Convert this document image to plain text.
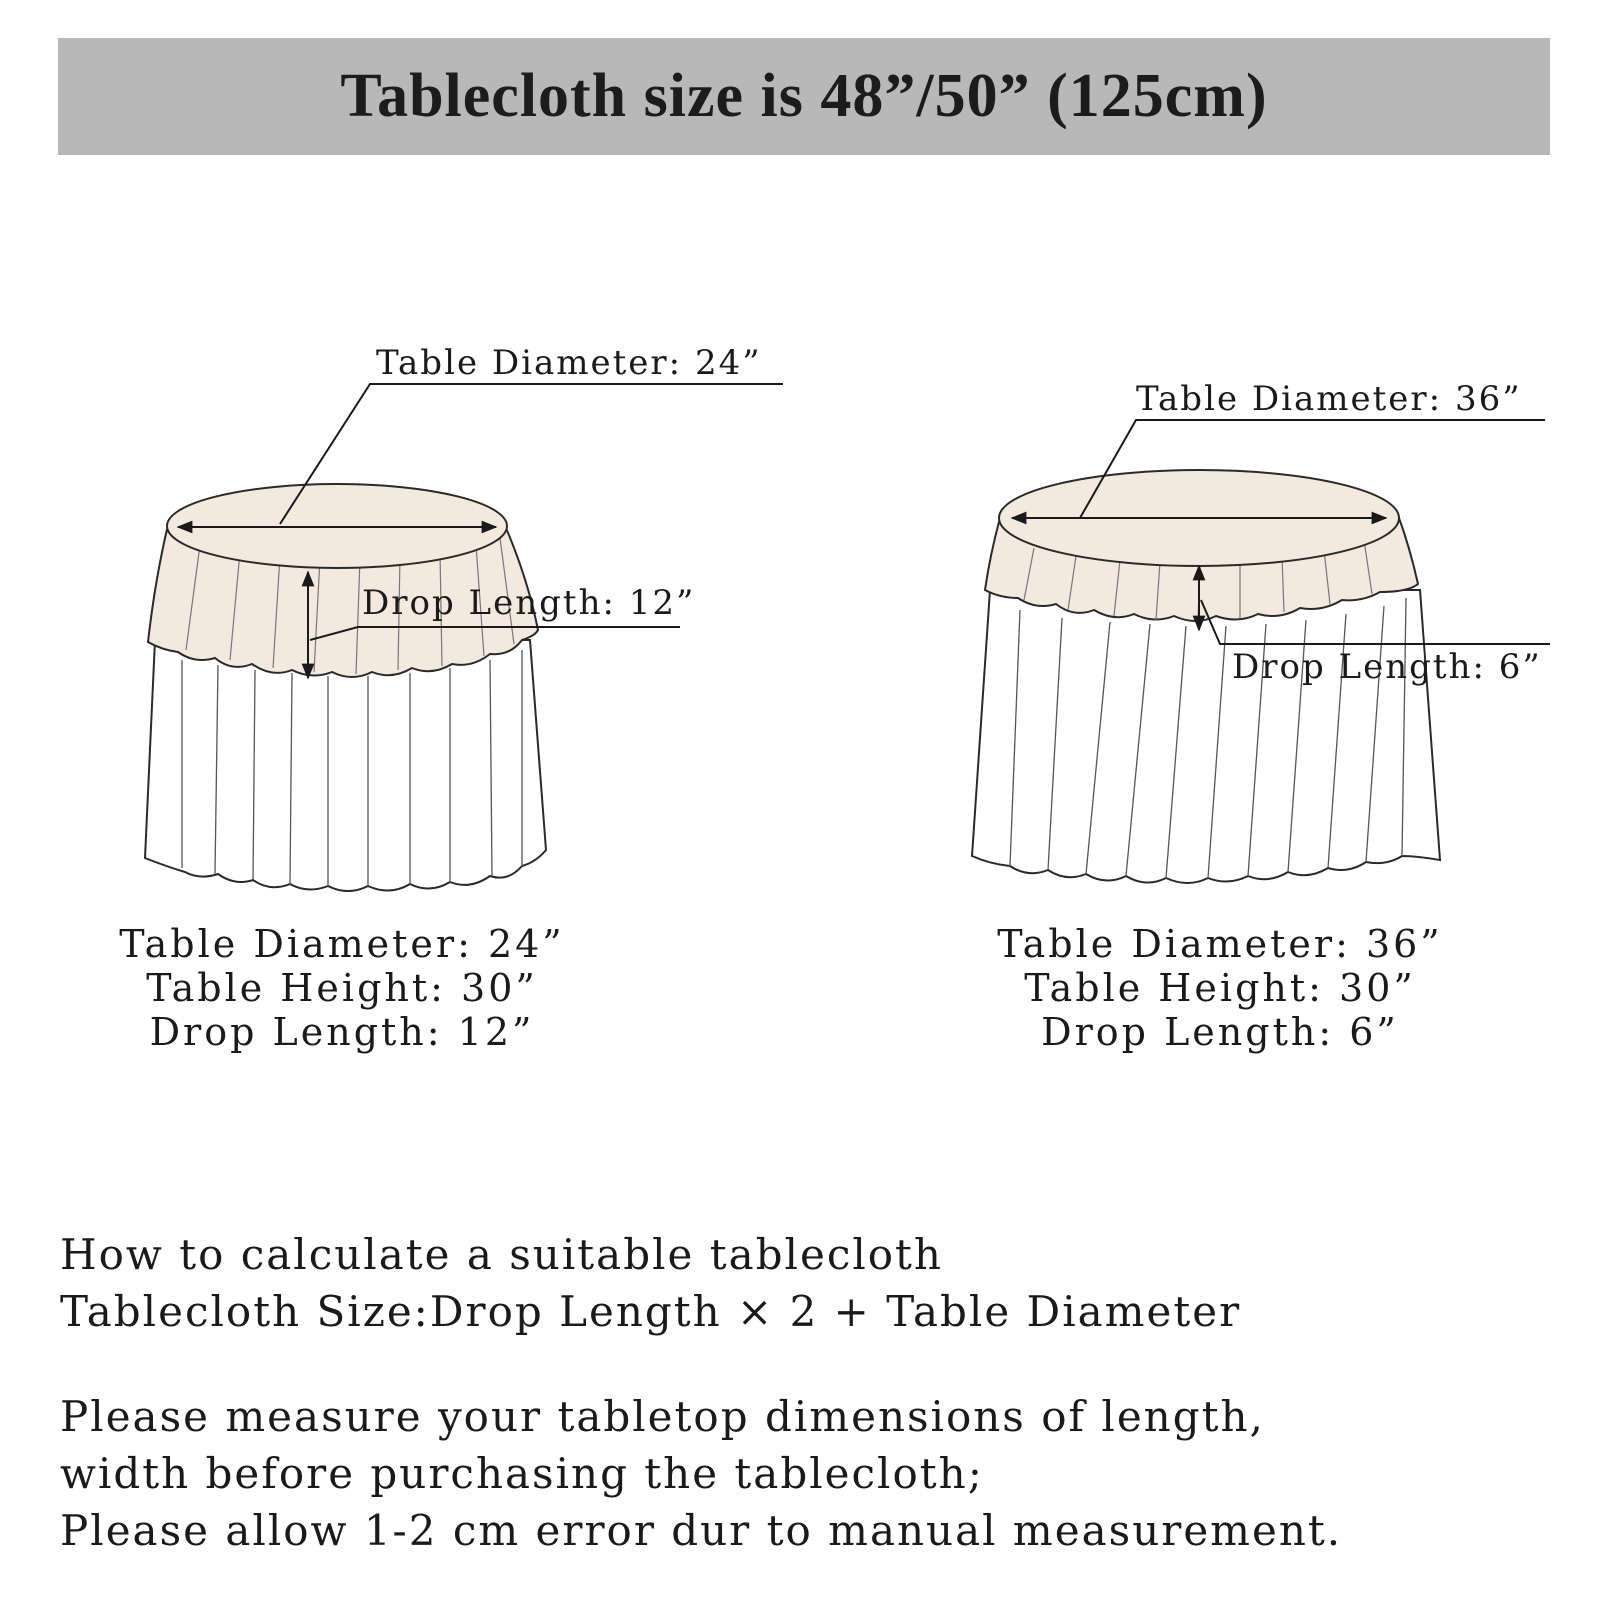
Tablecloth size is 48”/50” (125cm)
Table Diameter: 24”
Drop Length: 12”
Table Diameter: 36”
Drop Length: 6”
Table Diameter: 24”
Table Height: 30”
Drop Length: 12”
Table Diameter: 36”
Table Height: 30”
Drop Length: 6”
How to calculate a suitable tablecloth
Tablecloth Size:Drop Length × 2 + Table Diameter
Please measure your tabletop dimensions of length,
width before purchasing the tablecloth;
Please allow 1-2 cm error dur to manual measurement.
